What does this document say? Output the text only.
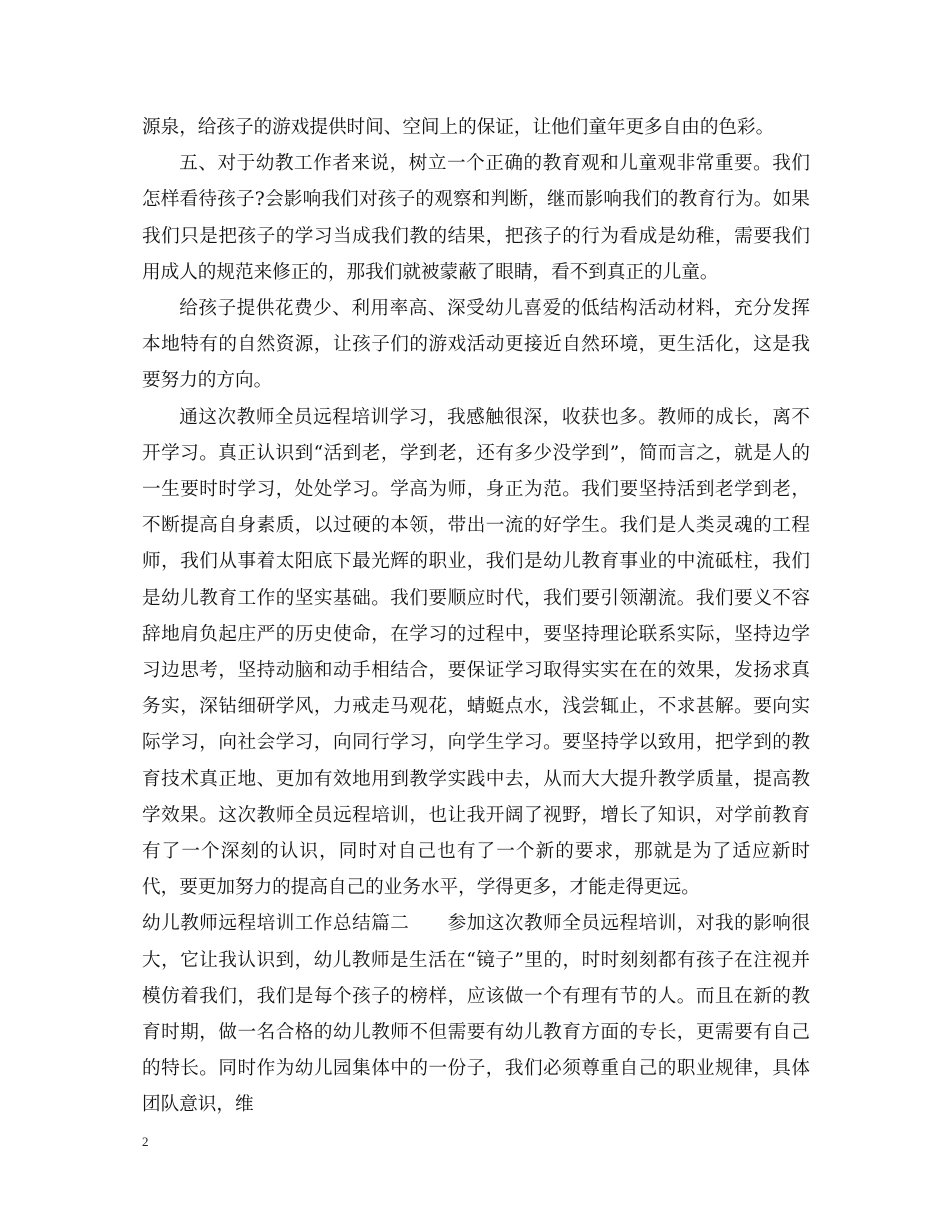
源泉，给孩子的游戏提供时间、空间上的保证，让他们童年更多自由的色彩。

五、对于幼教工作者来说，树立一个正确的教育观和儿童观非常重要。我们怎样看待孩子?会影响我们对孩子的观察和判断，继而影响我们的教育行为。如果我们只是把孩子的学习当成我们教的结果，把孩子的行为看成是幼稚，需要我们用成人的规范来修正的，那我们就被蒙蔽了眼睛，看不到真正的儿童。

给孩子提供花费少、利用率高、深受幼儿喜爱的低结构活动材料，充分发挥本地特有的自然资源，让孩子们的游戏活动更接近自然环境，更生活化，这是我要努力的方向。

通这次教师全员远程培训学习，我感触很深，收获也多。教师的成长，离不开学习。真正认识到“活到老，学到老，还有多少没学到”，简而言之，就是人的一生要时时学习，处处学习。学高为师，身正为范。我们要坚持活到老学到老，不断提高自身素质，以过硬的本领，带出一流的好学生。我们是人类灵魂的工程师，我们从事着太阳底下最光辉的职业，我们是幼儿教育事业的中流砥柱，我们是幼儿教育工作的坚实基础。我们要顺应时代，我们要引领潮流。我们要义不容辞地肩负起庄严的历史使命，在学习的过程中，要坚持理论联系实际，坚持边学习边思考，坚持动脑和动手相结合，要保证学习取得实实在在的效果，发扬求真务实，深钻细研学风，力戒走马观花，蜻蜓点水，浅尝辄止，不求甚解。要向实际学习，向社会学习，向同行学习，向学生学习。要坚持学以致用，把学到的教育技术真正地、更加有效地用到教学实践中去，从而大大提升教学质量，提高教学效果。这次教师全员远程培训，也让我开阔了视野，增长了知识，对学前教育有了一个深刻的认识，同时对自己也有了一个新的要求，那就是为了适应新时代，要更加努力的提高自己的业务水平，学得更多，才能走得更远。

幼儿教师远程培训工作总结篇二　　参加这次教师全员远程培训，对我的影响很大，它让我认识到，幼儿教师是生活在“镜子”里的，时时刻刻都有孩子在注视并模仿着我们，我们是每个孩子的榜样，应该做一个有理有节的人。而且在新的教育时期，做一名合格的幼儿教师不但需要有幼儿教育方面的专长，更需要有自己的特长。同时作为幼儿园集体中的一份子，我们必须尊重自己的职业规律，具体团队意识，维

2
